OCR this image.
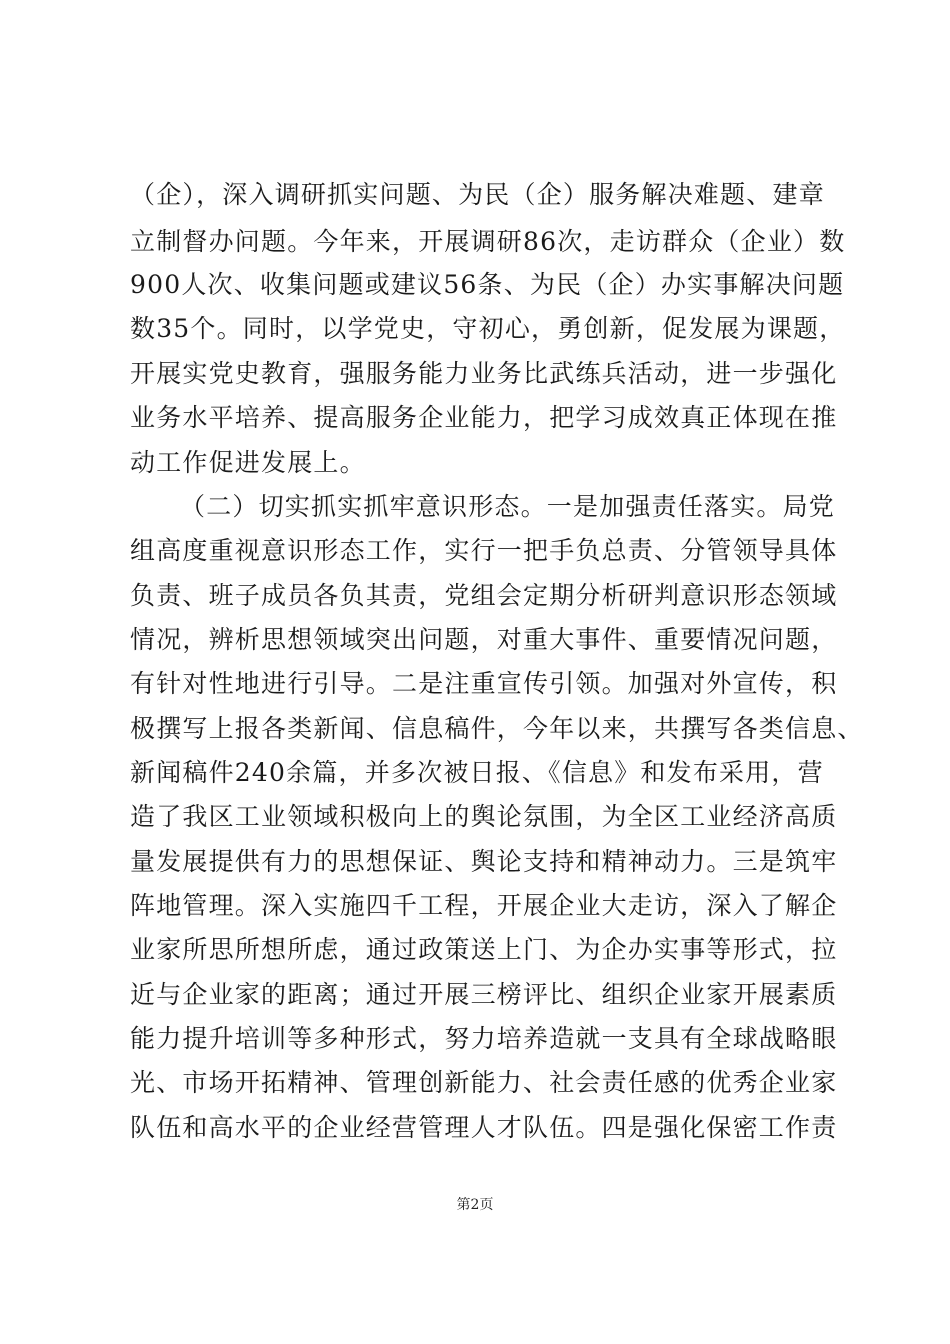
（企），深入调研抓实问题、为民（企）服务解决难题、建章
立制督办问题。今年来，开展调研86次，走访群众（企业）数
900人次、收集问题或建议56条、为民（企）办实事解决问题
数35个。同时，以学党史，守初心，勇创新，促发展为课题，
开展实党史教育，强服务能力业务比武练兵活动，进一步强化
业务水平培养、提高服务企业能力，把学习成效真正体现在推
动工作促进发展上。
（二）切实抓实抓牢意识形态。一是加强责任落实。局党
组高度重视意识形态工作，实行一把手负总责、分管领导具体
负责、班子成员各负其责，党组会定期分析研判意识形态领域
情况，辨析思想领域突出问题，对重大事件、重要情况问题，
有针对性地进行引导。二是注重宣传引领。加强对外宣传，积
极撰写上报各类新闻、信息稿件，今年以来，共撰写各类信息、
新闻稿件240余篇，并多次被日报、《信息》和发布采用，营
造了我区工业领域积极向上的舆论氛围，为全区工业经济高质
量发展提供有力的思想保证、舆论支持和精神动力。三是筑牢
阵地管理。深入实施四千工程，开展企业大走访，深入了解企
业家所思所想所虑，通过政策送上门、为企办实事等形式，拉
近与企业家的距离；通过开展三榜评比、组织企业家开展素质
能力提升培训等多种形式，努力培养造就一支具有全球战略眼
光、市场开拓精神、管理创新能力、社会责任感的优秀企业家
队伍和高水平的企业经营管理人才队伍。四是强化保密工作责
第2页
